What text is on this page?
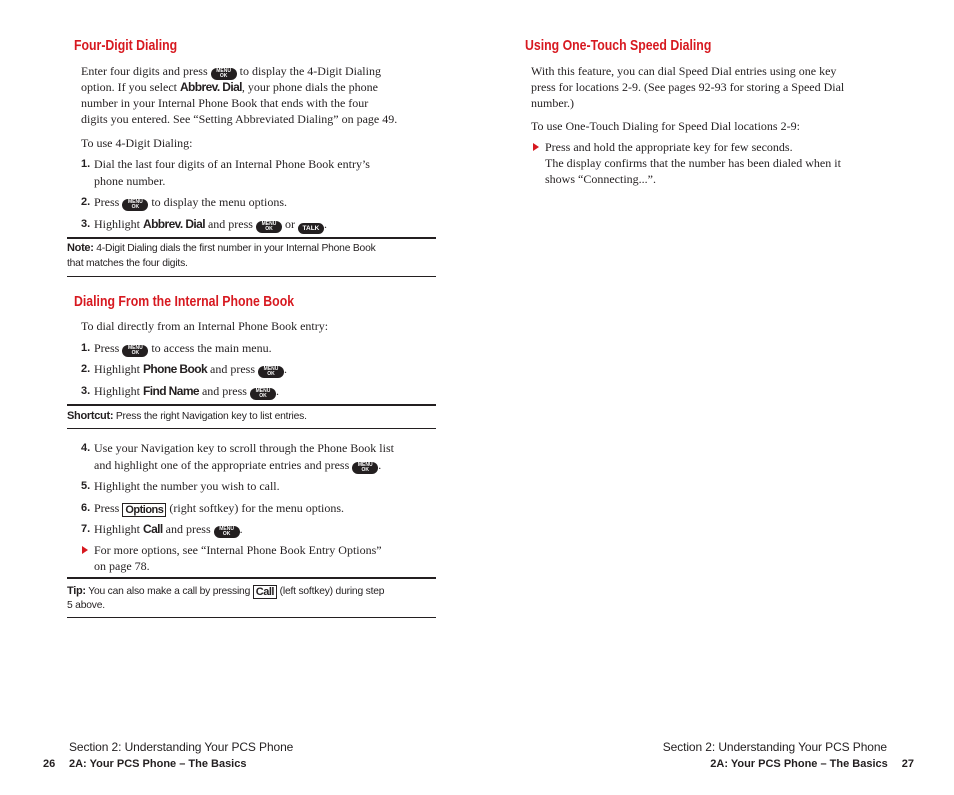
Four-Digit Dialing
Enter four digits and press	MENU
OK	to display the 4-Digit Dialing
option. If you select Abbrev. Dial, your phone dials the phone
number in your Internal Phone Book that ends with the four
digits you entered. See “Setting Abbreviated Dialing” on page 49.
To use 4-Digit Dialing:
1. Dial the last four digits of an Internal Phone Book entry’s
phone number.
2. Press	MENU
OK	to display the menu options.
3. Highlight Abbrev. Dial and press	MENU
OK	or TALK .
Note: 4-Digit Dialing dials the first number in your Internal Phone Book
that matches the four digits.
Dialing From the Internal Phone Book
To dial directly from an Internal Phone Book entry:
1. Press	MENU
OK	to access the main menu.
2. Highlight Phone Book and press	MENU
OK .
3. Highlight Find Name and press	MENU
OK .
Shortcut: Press the right Navigation key to list entries.
4. Use your Navigation key to scroll through the Phone Book list
and highlight one of the appropriate entries and press	MENU
OK .
5. Highlight the number you wish to call.
6. Press Options (right softkey) for the menu options.
7. Highlight Call and press	MENU
OK .
For more options, see “Internal Phone Book Entry Options”
on page 78.
Tip: You can also make a call by pressing Call (left softkey) during step
5 above.
Section 2: Understanding Your PCS Phone
26 2A: Your PCS Phone – The Basics
Using One-Touch Speed Dialing
With this feature, you can dial Speed Dial entries using one key
press for locations 2-9. (See pages 92-93 for storing a Speed Dial
number.)
To use One-Touch Dialing for Speed Dial locations 2-9:
Press and hold the appropriate key for few seconds.
The display confirms that the number has been dialed when it
shows “Connecting...”.
Section 2: Understanding Your PCS Phone
2A: Your PCS Phone – The Basics 27
